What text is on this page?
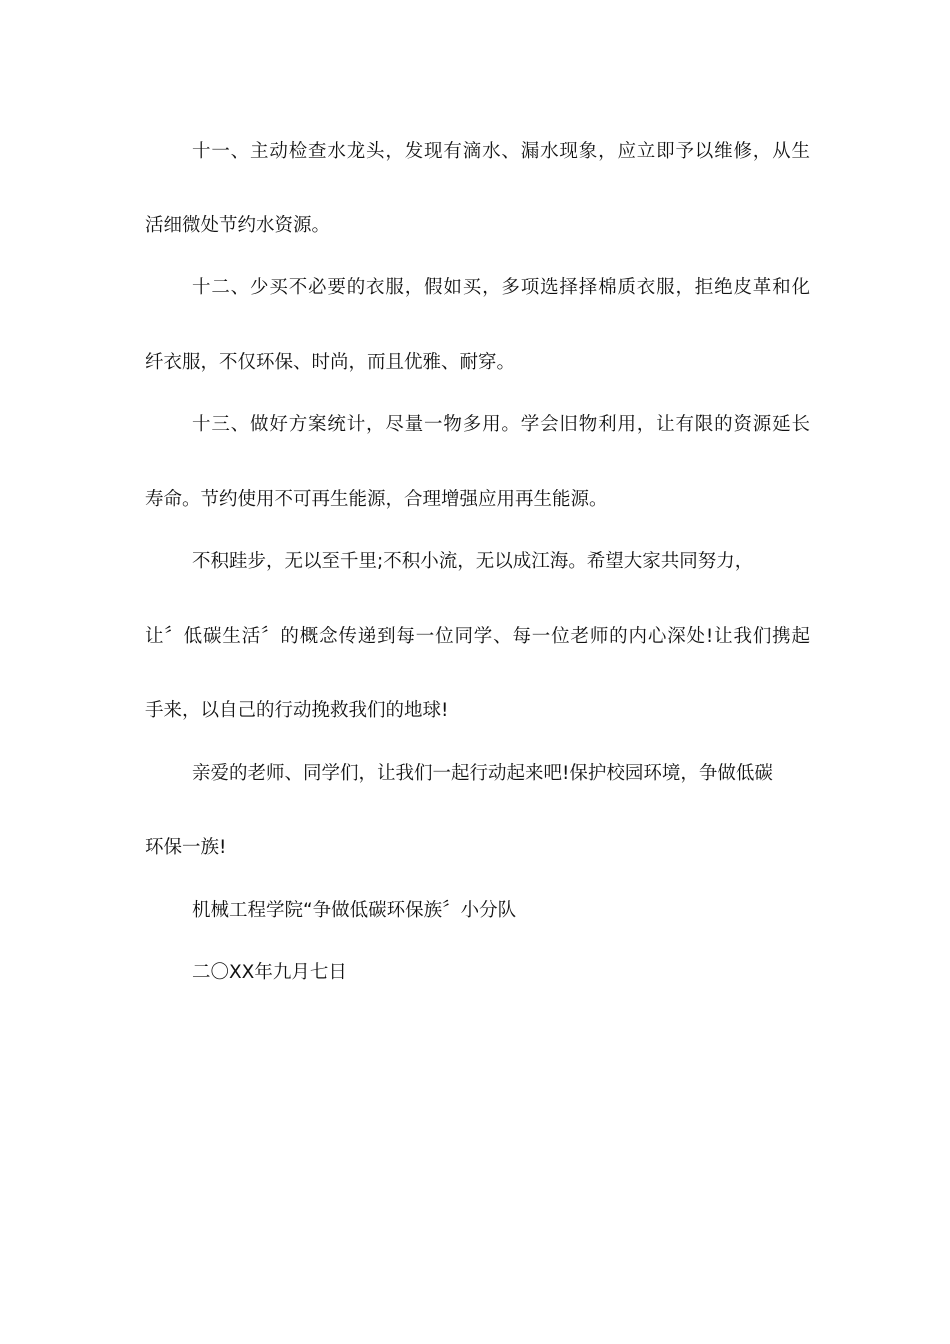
十一、主动检查水龙头，发现有滴水、漏水现象，应立即予以维修，从生
活细微处节约水资源。
十二、少买不必要的衣服，假如买，多项选择择棉质衣服，拒绝皮革和化
纤衣服，不仅环保、时尚，而且优雅、耐穿。
十三、做好方案统计，尽量一物多用。学会旧物利用，让有限的资源延长
寿命。节约使用不可再生能源，合理增强应用再生能源。
不积跬步，无以至千里;不积小流，无以成江海。希望大家共同努力，
让〞低碳生活〞的概念传递到每一位同学、每一位老师的内心深处!让我们携起
手来，以自己的行动挽救我们的地球!
亲爱的老师、同学们，让我们一起行动起来吧!保护校园环境，争做低碳
环保一族!
机械工程学院“争做低碳环保族〞小分队
二〇XX年九月七日
